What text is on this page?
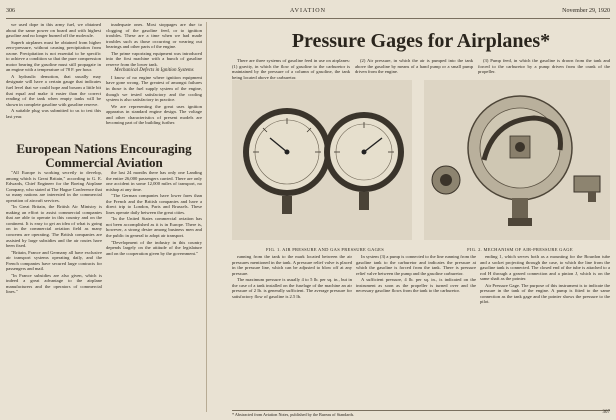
306	AVIATION	November 29, 1920

we used dope in this army fuel, we obtained about the same power on board and with highest gasoline and no longer burned off the molecule.

Superb airplanes must be obtained from higher zero-pressure, without causing precipitation from ozone. Precipitation is not essential to be specific to achieve a condition so that the pure compression motor bearing the gasoline must still propagate in an engine with a temperature of 78 F. per hour.

A hydraulic demotion, that usually may designate will have a certain gauge that indicates fuel level that we could hope and bosom a little bit that equal and make it easier than the correct reading of the tank when empty tanks will be shown in complete gasoline with gasoline reserve.

A suitable plug was submitted to us to test this last year.

inadequate ones. Most stoppages are due to clogging of the gasoline feed, or to ignition troubles. These are a time when we had made troubles such as those occurring or wearing out bearings and other parts of the engine.

The prime vaporizing equipment was introduced into the first machine with a bunch of gasoline reserve from the lower tank.

Mechanical Defects in Ignition Systems

I know of no engine where ignition equipment have gone wrong. The greatest of amongst failures in those is the fuel supply system of the engine, though we tested satisfactory and the cooling system is also satisfactory in practice.

We are representing the great uses ignition apparatus in standard engine design. The voltage and other characteristics of present models are becoming part of the building further.

European Nations Encouraging Commercial Aviation

"All Europe is working secretly to develop, among which is Great Britain," according to G. E. Edwards, Chief Engineer for the Boeing Airplane Company, who stated at The Hague Conference that so many nations are interested in the commercial operation of aircraft services.

"In Great Britain, the British Air Ministry is making an effort to assist commercial companies that are able to operate in this country and on the continent. It is easy to get an idea of what is going on in the commercial aviation field as many concerns are operating. The British companies are assisted by large subsidies and the air routes have been fixed.

"Britain, France and Germany all have exclusive air transport systems operating daily, and the French companies have secured large contracts for passengers and mail.

"In France subsidies are also given, which is indeed a great advantage to the airplane manufacturers and the operators of commercial lines."

the last 24 months there has only one Landing the entire 26,000 passengers carried. There are only one accident in some 12,000 miles of transport, no mishap at any time.

"The German companies have lower fares than the French and the British companies and have a direct trip to London, Paris and Brussels. These lines operate daily between the great cities.

"In the United States commercial aviation has not been accomplished as it is in Europe. There is, however, a strong desire among business men and the public in general to adopt air transport.

"Development of the industry in this country depends largely on the attitude of the legislature and on the cooperation given by the government."

Pressure Gages for Airplanes*

There are three systems of gasoline feed in use on airplanes: (1) gravity, in which the flow of gasoline to the carburetor is maintained by the pressure of a column of gasoline, the tank being located above the carburetor.

(2) Air pressure, in which the air is pumped into the tank above the gasoline by means of a hand pump or a small pump driven from the engine.

(3) Pump feed, in which the gasoline is drawn from the tank and forced to the carburetor by a pump driven from the crank of the propeller.

FIG. 1. AIR PRESSURE AND GAS PRESSURE GAGES	FIG. 2. MECHANISM OF AIR-PRESSURE GAGE

running from the tank to the mark located between the air pressures mentioned in the tank. A pressure relief valve is placed in the pressure line, which can be adjusted to blow off at any pressure.

The maximum pressure is usually 4 to 5 lb. per sq. in., but in the case of a tank installed on the fuselage of the machine an air pressure of 2 lb. is generally sufficient. The average pressure for satisfactory flow of gasoline is 2.5 lb.

In system (3) a pump is connected to the line running from the gasoline tank to the carburetor and indicates the pressure at which the gasoline is forced from the tank. There is pressure relief valve between the pump and the gasoline carburetor.

A sufficient pressure, 4 lb. per sq. in., is indicated on the instrument as soon as the propeller is turned over and the necessary gasoline flows from the tank to the carburetor.

ending 1, which serves both as a mounting for the Bourdon tube and a socket projecting through the case, to which the line from the gasoline tank is connected. The closed end of the tube is attached to a rod H through a geared connection and a pinion J, which is on the same shaft as the pointer.

Air Pressure Gage. The purpose of this instrument is to indicate the pressure in the tank of the engine. A pump is fitted to the same connection as the tank gage and the pointer shows the pressure to the pilot.

* Abstracted from Aviation Notes, published by the Bureau of Standards.	307
